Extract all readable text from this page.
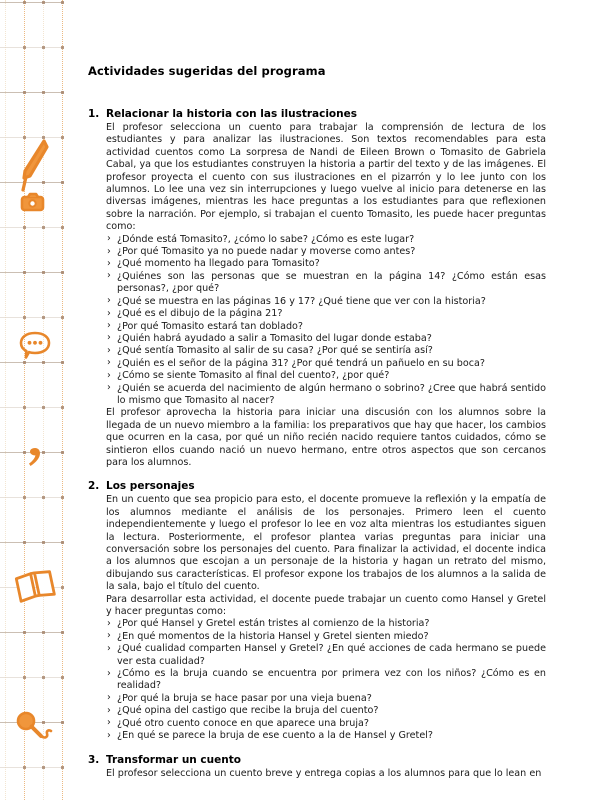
Actividades sugeridas del programa
1. Relacionar la historia con las ilustraciones

El profesor selecciona un cuento para trabajar la comprensión de lectura de los estudiantes y para analizar las ilustraciones. Son textos recomendables para esta actividad cuentos como La sorpresa de Nandi de Eileen Brown o Tomasito de Gabriela Cabal, ya que los estudiantes construyen la historia a partir del texto y de las imágenes. El profesor proyecta el cuento con sus ilustraciones en el pizarrón y lo lee junto con los alumnos. Lo lee una vez sin interrupciones y luego vuelve al inicio para detenerse en las diversas imágenes, mientras les hace preguntas a los estudiantes para que reflexionen sobre la narración. Por ejemplo, si trabajan el cuento Tomasito, les puede hacer preguntas como:

› ¿Dónde está Tomasito?, ¿cómo lo sabe? ¿Cómo es este lugar?
› ¿Por qué Tomasito ya no puede nadar y moverse como antes?
› ¿Qué momento ha llegado para Tomasito?
› ¿Quiénes son las personas que se muestran en la página 14? ¿Cómo están esas personas?, ¿por qué?
› ¿Qué se muestra en las páginas 16 y 17? ¿Qué tiene que ver con la historia?
› ¿Qué es el dibujo de la página 21?
› ¿Por qué Tomasito estará tan doblado?
› ¿Quién habrá ayudado a salir a Tomasito del lugar donde estaba?
› ¿Qué sentía Tomasito al salir de su casa? ¿Por qué se sentiría así?
› ¿Quién es el señor de la página 31? ¿Por qué tendrá un pañuelo en su boca?
› ¿Cómo se siente Tomasito al final del cuento?, ¿por qué?
› ¿Quién se acuerda del nacimiento de algún hermano o sobrino? ¿Cree que habrá sentido lo mismo que Tomasito al nacer?

El profesor aprovecha la historia para iniciar una discusión con los alumnos sobre la llegada de un nuevo miembro a la familia: los preparativos que hay que hacer, los cambios que ocurren en la casa, por qué un niño recién nacido requiere tantos cuidados, cómo se sintieron ellos cuando nació un nuevo hermano, entre otros aspectos que son cercanos para los alumnos.

2. Los personajes

En un cuento que sea propicio para esto, el docente promueve la reflexión y la empatía de los alumnos mediante el análisis de los personajes. Primero leen el cuento independientemente y luego el profesor lo lee en voz alta mientras los estudiantes siguen la lectura. Posteriormente, el profesor plantea varias preguntas para iniciar una conversación sobre los personajes del cuento. Para finalizar la actividad, el docente indica a los alumnos que escojan a un personaje de la historia y hagan un retrato del mismo, dibujando sus características. El profesor expone los trabajos de los alumnos a la salida de la sala, bajo el título del cuento.

Para desarrollar esta actividad, el docente puede trabajar un cuento como Hansel y Gretel y hacer preguntas como:

› ¿Por qué Hansel y Gretel están tristes al comienzo de la historia?
› ¿En qué momentos de la historia Hansel y Gretel sienten miedo?
› ¿Qué cualidad comparten Hansel y Gretel? ¿En qué acciones de cada hermano se puede ver esta cualidad?
› ¿Cómo es la bruja cuando se encuentra por primera vez con los niños? ¿Cómo es en realidad?
› ¿Por qué la bruja se hace pasar por una vieja buena?
› ¿Qué opina del castigo que recibe la bruja del cuento?
› ¿Qué otro cuento conoce en que aparece una bruja?
› ¿En qué se parece la bruja de ese cuento a la de Hansel y Gretel?
3. Transformar un cuento

El profesor selecciona un cuento breve y entrega copias a los alumnos para que lo lean en
